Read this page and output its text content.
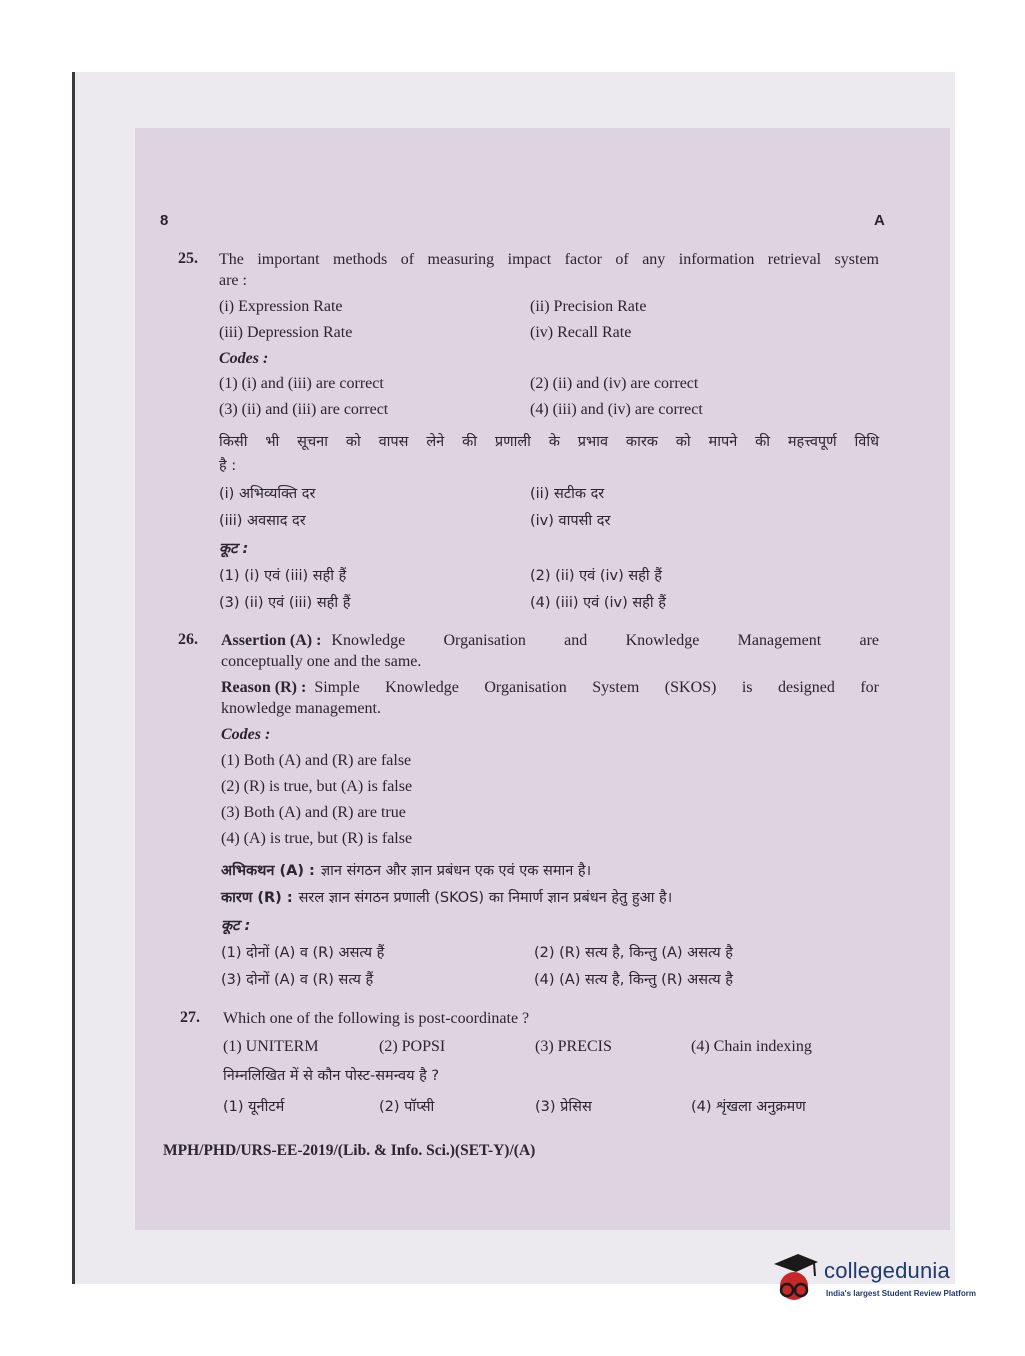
8	A
25. The important methods of measuring impact factor of any information retrieval system
are :
(i) Expression Rate	(ii) Precision Rate
(iii) Depression Rate	(iv) Recall Rate
Codes :
(1) (i) and (iii) are correct	(2) (ii) and (iv) are correct
(3) (ii) and (iii) are correct	(4) (iii) and (iv) are correct
किसी भी सूचना को वापस लेने की प्रणाली के प्रभाव कारक को मापने की महत्त्वपूर्ण विधि
है :
(i) अभिव्यक्ति दर	(ii) सटीक दर
(iii) अवसाद दर	(iv) वापसी दर
कूट :
(1) (i) एवं (iii) सही हैं	(2) (ii) एवं (iv) सही हैं
(3) (ii) एवं (iii) सही हैं	(4) (iii) एवं (iv) सही हैं
26. Assertion (A) : Knowledge Organisation and Knowledge Management are
conceptually one and the same.
Reason (R) : Simple Knowledge Organisation System (SKOS) is designed for
knowledge management.
Codes :
(1) Both (A) and (R) are false
(2) (R) is true, but (A) is false
(3) Both (A) and (R) are true
(4) (A) is true, but (R) is false
अभिकथन (A) : ज्ञान संगठन और ज्ञान प्रबंधन एक एवं एक समान है।
कारण (R) : सरल ज्ञान संगठन प्रणाली (SKOS) का निमार्ण ज्ञान प्रबंधन हेतु हुआ है।
कूट :
(1) दोनों (A) व (R) असत्य हैं	(2) (R) सत्य है, किन्तु (A) असत्य है
(3) दोनों (A) व (R) सत्य हैं	(4) (A) सत्य है, किन्तु (R) असत्य है
27. Which one of the following is post-coordinate ?
(1) UNITERM	(2) POPSI	(3) PRECIS	(4) Chain indexing
निम्नलिखित में से कौन पोस्ट-समन्वय है ?
(1) यूनीटर्म	(2) पॉप्सी	(3) प्रेसिस	(4) शृंखला अनुक्रमण
MPH/PHD/URS-EE-2019/(Lib. & Info. Sci.)(SET-Y)/(A)
collegedunia
India's largest Student Review Platform
